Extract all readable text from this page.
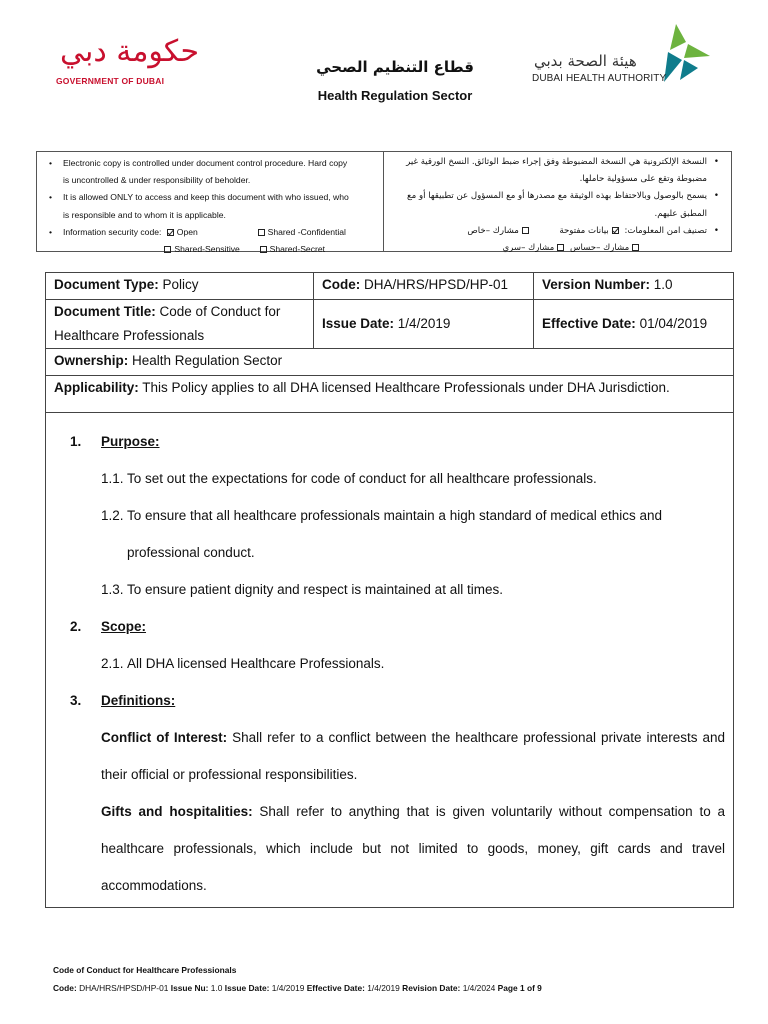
حكومة دبي
GOVERNMENT OF DUBAI
قطاع التنظيم الصحي
Health Regulation Sector
هيئة الصحة بدبي
DUBAI HEALTH AUTHORITY
• Electronic copy is controlled under document control procedure. Hard copy
is uncontrolled & under responsibility of beholder.
• It is allowed ONLY to access and keep this document with who issued, who
is responsible and to whom it is applicable.
• Information security code: Open	Shared -Confidential
Shared-Sensitive	Shared-Secret
• النسخة الإلكترونية هي النسخة المضبوطة وفق إجراء ضبط الوثائق. النسخ الورقية غير
مضبوطة وتقع على مسؤولية حاملها.
• يسمح بالوصول وبالاحتفاظ بهذه الوثيقة مع مصدرها أو مع المسؤول عن تطبيقها أو مع
المطبق عليهم.
• تصنيف امن المعلومات: بيانات مفتوحة  مشارك –خاص
مشارك –حساس مشارك –سري
Document Type: Policy	Code: DHA/HRS/HPSD/HP-01	Version Number: 1.0
Document Title: Code of Conduct for
Healthcare Professionals
Issue Date:
1/4/2019	Effective Date:
01/04/2019
Ownership: Health Regulation Sector
Applicability: This Policy applies to all DHA licensed Healthcare Professionals under DHA Jurisdiction.
1.	Purpose:
1.1. To set out the expectations for code of conduct for all healthcare professionals.
1.2. To ensure that all healthcare professionals maintain a high standard of medical ethics and
professional conduct.
1.3. To ensure patient dignity and respect is maintained at all times.
2.	Scope:
2.1. All DHA licensed Healthcare Professionals.
3.	Definitions:
Conflict of Interest: Shall refer to a conflict between the healthcare professional private interests and their official or professional responsibilities.
Gifts and hospitalities: Shall refer to anything that is given voluntarily without compensation to a healthcare professionals, which include but not limited to goods, money, gift cards and travel accommodations.
Code of Conduct for Healthcare Professionals
Code: DHA/HRS/HPSD/HP-01 Issue Nu: 1.0 Issue Date: 1/4/2019 Effective Date: 1/4/2019 Revision Date: 1/4/2024 Page 1 of 9
